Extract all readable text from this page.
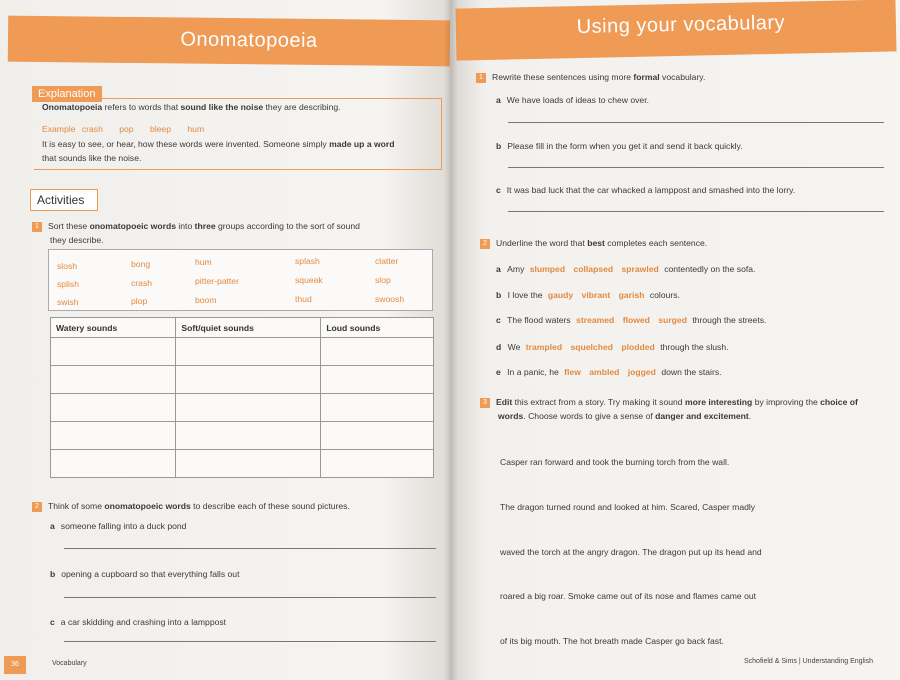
Onomatopoeia
Explanation
Onomatopoeia refers to words that sound like the noise they are describing.
Example crash pop bleep hum
It is easy to see, or hear, how these words were invented. Someone simply made up a word
that sounds like the noise.
Activities
1 Sort these onomatopoeic words into three groups according to the sort of sound
they describe.
slosh	bong	hum	splash	clatter
splish	crash	pitter-patter	squeak	slop
swish	plop	boom	thud	swoosh
Watery sounds	Soft/quiet sounds	Loud sounds

2 Think of some onomatopoeic words to describe each of these sound pictures.
a someone falling into a duck pond
b opening a cupboard so that everything falls out
c a car skidding and crashing into a lamppost
36	Vocabulary
Using your vocabulary
1 Rewrite these sentences using more formal vocabulary.
a We have loads of ideas to chew over.
b Please fill in the form when you get it and send it back quickly.
c It was bad luck that the car whacked a lamppost and smashed into the lorry.
2 Underline the word that best completes each sentence.
a Amy slumped collapsed sprawled contentedly on the sofa.
b I love the gaudy vibrant garish colours.
c The flood waters streamed flowed surged through the streets.
d We trampled squelched plodded through the slush.
e In a panic, he flew ambled jogged down the stairs.
3 Edit this extract from a story. Try making it sound more interesting by improving the choice of
words. Choose words to give a sense of danger and excitement.
Casper ran forward and took the burning torch from the wall.
The dragon turned round and looked at him. Scared, Casper madly
waved the torch at the angry dragon. The dragon put up its head and
roared a big roar. Smoke came out of its nose and flames came out
of its big mouth. The hot breath made Casper go back fast.
Schofield & Sims | Understanding English
